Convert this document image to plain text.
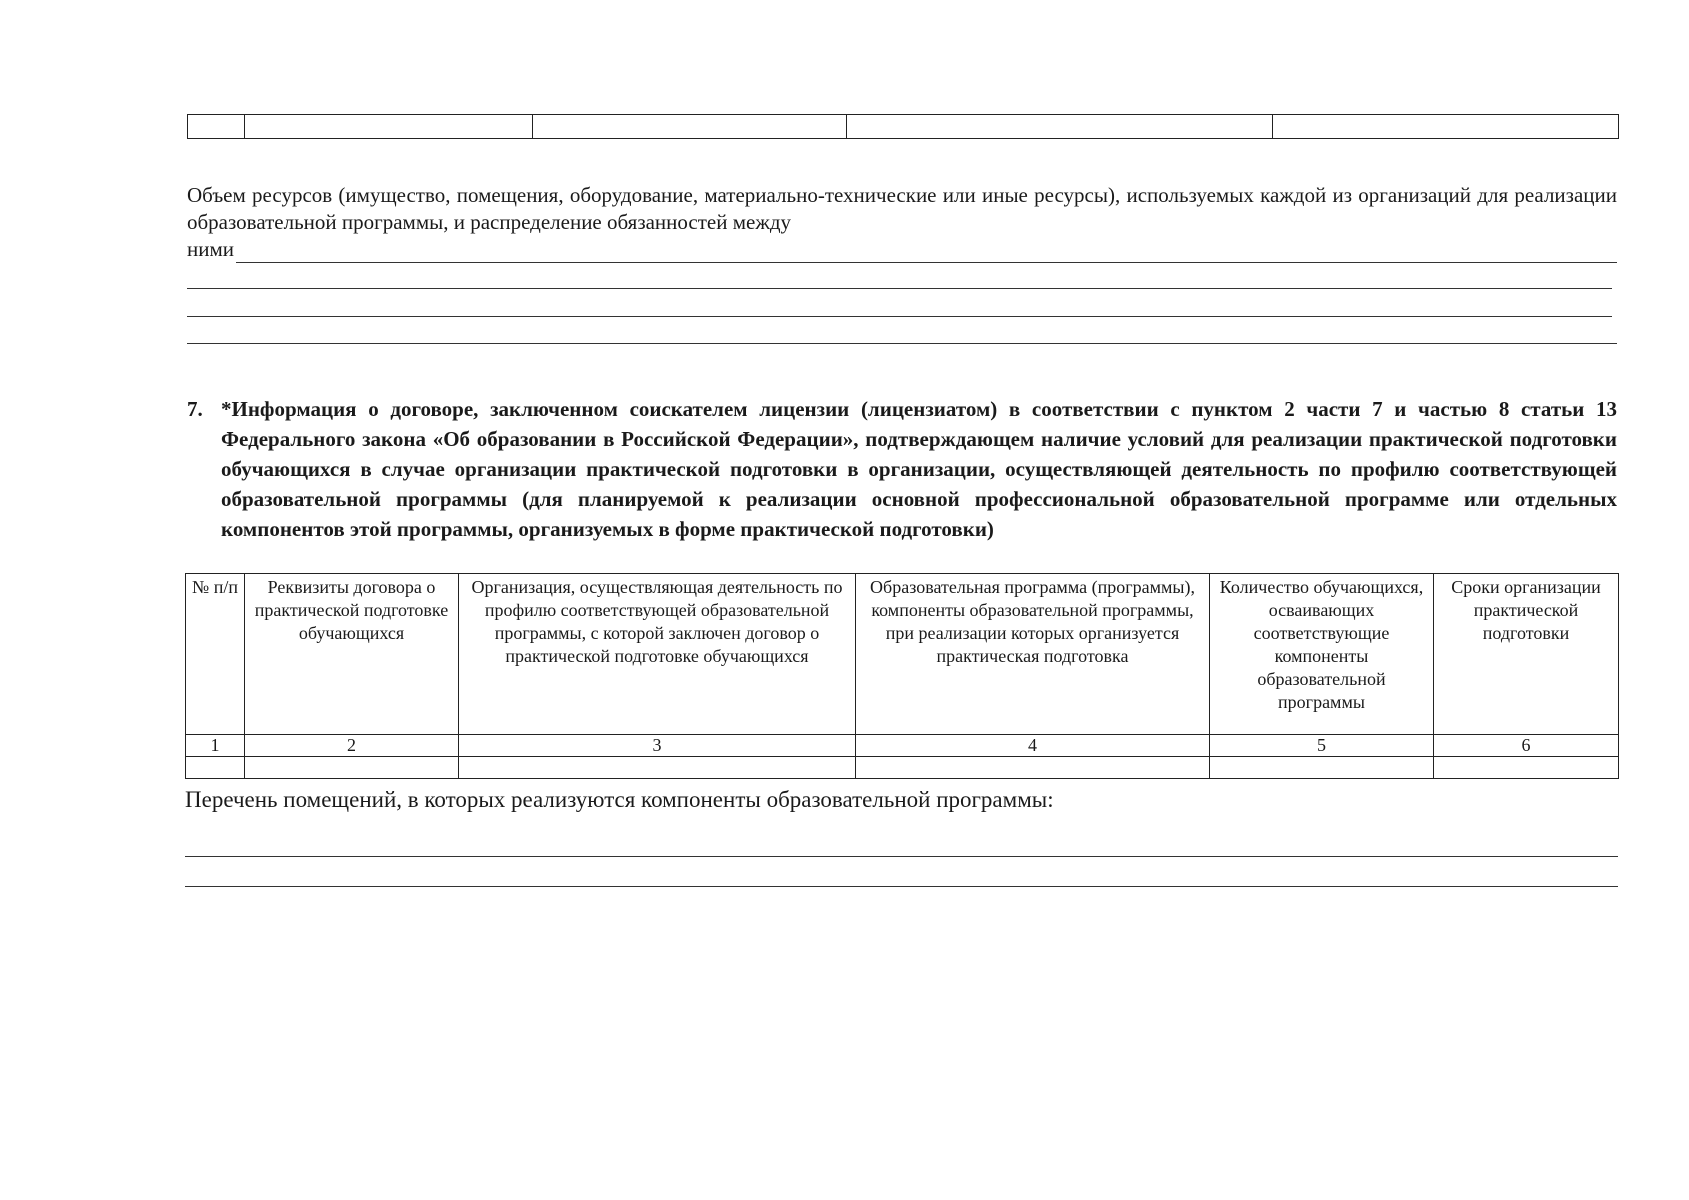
Объем ресурсов (имущество, помещения, оборудование, материально-технические или иные ресурсы), используемых каждой из организаций для реализации образовательной программы, и распределение обязанностей между
ними
7. *Информация о договоре, заключенном соискателем лицензии (лицензиатом) в соответствии с пунктом 2 части 7 и частью 8 статьи 13 Федерального закона «Об образовании в Российской Федерации», подтверждающем наличие условий для реализации практической подготовки обучающихся в случае организации практической подготовки в организации, осуществляющей деятельность по профилю соответствующей образовательной программы (для планируемой к реализации основной профессиональной образовательной программе или отдельных компонентов этой программы, организуемых в форме практической подготовки)
№ п/п	Реквизиты договора о практической подготовке обучающихся	Организация, осуществляющая деятельность по профилю соответствующей образовательной программы, с которой заключен договор о практической подготовке обучающихся	Образовательная программа (программы), компоненты образовательной программы, при реализации которых организуется практическая подготовка	Количество обучающихся, осваивающих соответствующие компоненты образовательной программы	Сроки организации практической подготовки
1	2	3	4	5	6

Перечень помещений, в которых реализуются компоненты образовательной программы:
